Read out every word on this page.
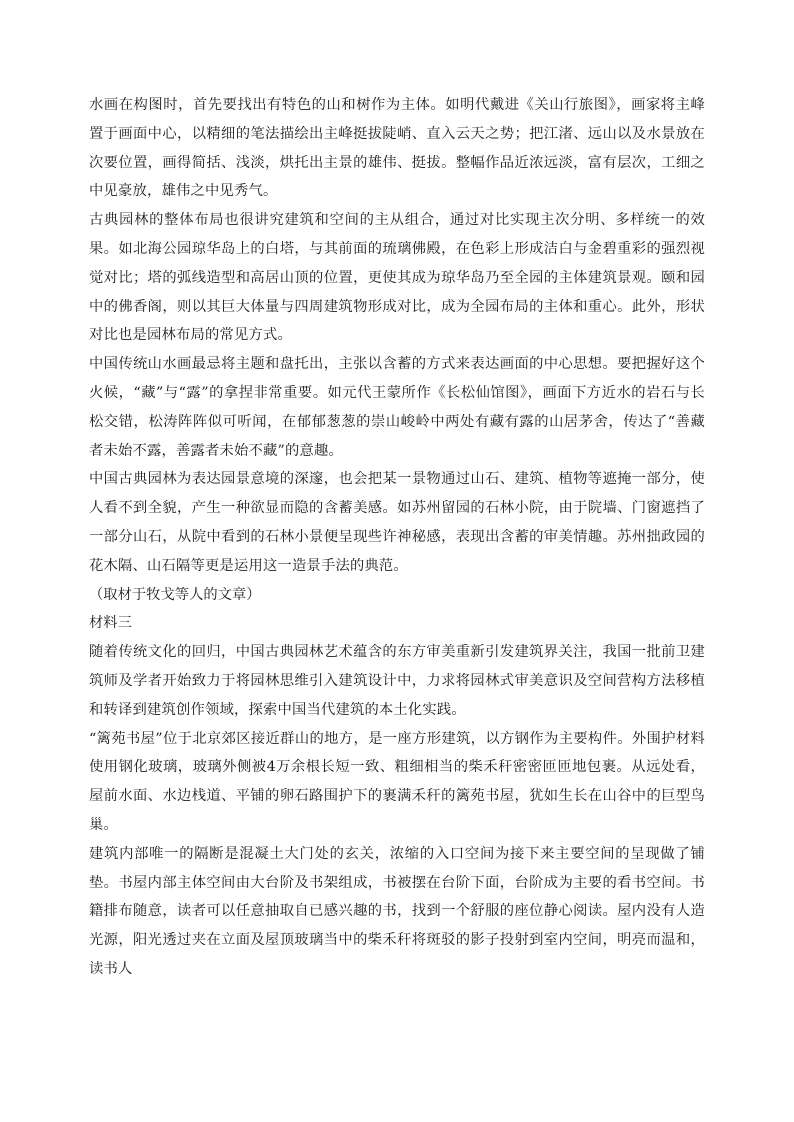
水画在构图时，首先要找出有特色的山和树作为主体。如明代戴进《关山行旅图》，画家将主峰置于画面中心，以精细的笔法描绘出主峰挺拔陡峭、直入云天之势；把江渚、远山以及水景放在次要位置，画得简括、浅淡，烘托出主景的雄伟、挺拔。整幅作品近浓远淡，富有层次，工细之中见豪放，雄伟之中见秀气。

古典园林的整体布局也很讲究建筑和空间的主从组合，通过对比实现主次分明、多样统一的效果。如北海公园琼华岛上的白塔，与其前面的琉璃佛殿，在色彩上形成洁白与金碧重彩的强烈视觉对比；塔的弧线造型和高居山顶的位置，更使其成为琼华岛乃至全园的主体建筑景观。颐和园中的佛香阁，则以其巨大体量与四周建筑物形成对比，成为全园布局的主体和重心。此外，形状对比也是园林布局的常见方式。

中国传统山水画最忌将主题和盘托出，主张以含蓄的方式来表达画面的中心思想。要把握好这个火候，“藏”与“露”的拿捏非常重要。如元代王蒙所作《长松仙馆图》，画面下方近水的岩石与长松交错，松涛阵阵似可听闻，在郁郁葱葱的崇山峻岭中两处有藏有露的山居茅舍，传达了“善藏者未始不露，善露者未始不藏”的意趣。

中国古典园林为表达园景意境的深邃，也会把某一景物通过山石、建筑、植物等遮掩一部分，使人看不到全貌，产生一种欲显而隐的含蓄美感。如苏州留园的石林小院，由于院墙、门窗遮挡了一部分山石，从院中看到的石林小景便呈现些许神秘感，表现出含蓄的审美情趣。苏州拙政园的花木隔、山石隔等更是运用这一造景手法的典范。

（取材于牧戈等人的文章）

材料三

随着传统文化的回归，中国古典园林艺术蕴含的东方审美重新引发建筑界关注，我国一批前卫建筑师及学者开始致力于将园林思维引入建筑设计中，力求将园林式审美意识及空间营构方法移植和转译到建筑创作领域，探索中国当代建筑的本土化实践。

“篱苑书屋”位于北京郊区接近群山的地方，是一座方形建筑，以方钢作为主要构件。外围护材料使用钢化玻璃，玻璃外侧被4万余根长短一致、粗细相当的柴禾秆密密匝匝地包裹。从远处看，屋前水面、水边栈道、平铺的卵石路围护下的裹满禾秆的篱苑书屋，犹如生长在山谷中的巨型鸟巢。

建筑内部唯一的隔断是混凝土大门处的玄关，浓缩的入口空间为接下来主要空间的呈现做了铺垫。书屋内部主体空间由大台阶及书架组成，书被摆在台阶下面，台阶成为主要的看书空间。书籍排布随意，读者可以任意抽取自已感兴趣的书，找到一个舒服的座位静心阅读。屋内没有人造光源，阳光透过夹在立面及屋顶玻璃当中的柴禾秆将斑驳的影子投射到室内空间，明亮而温和，读书人
